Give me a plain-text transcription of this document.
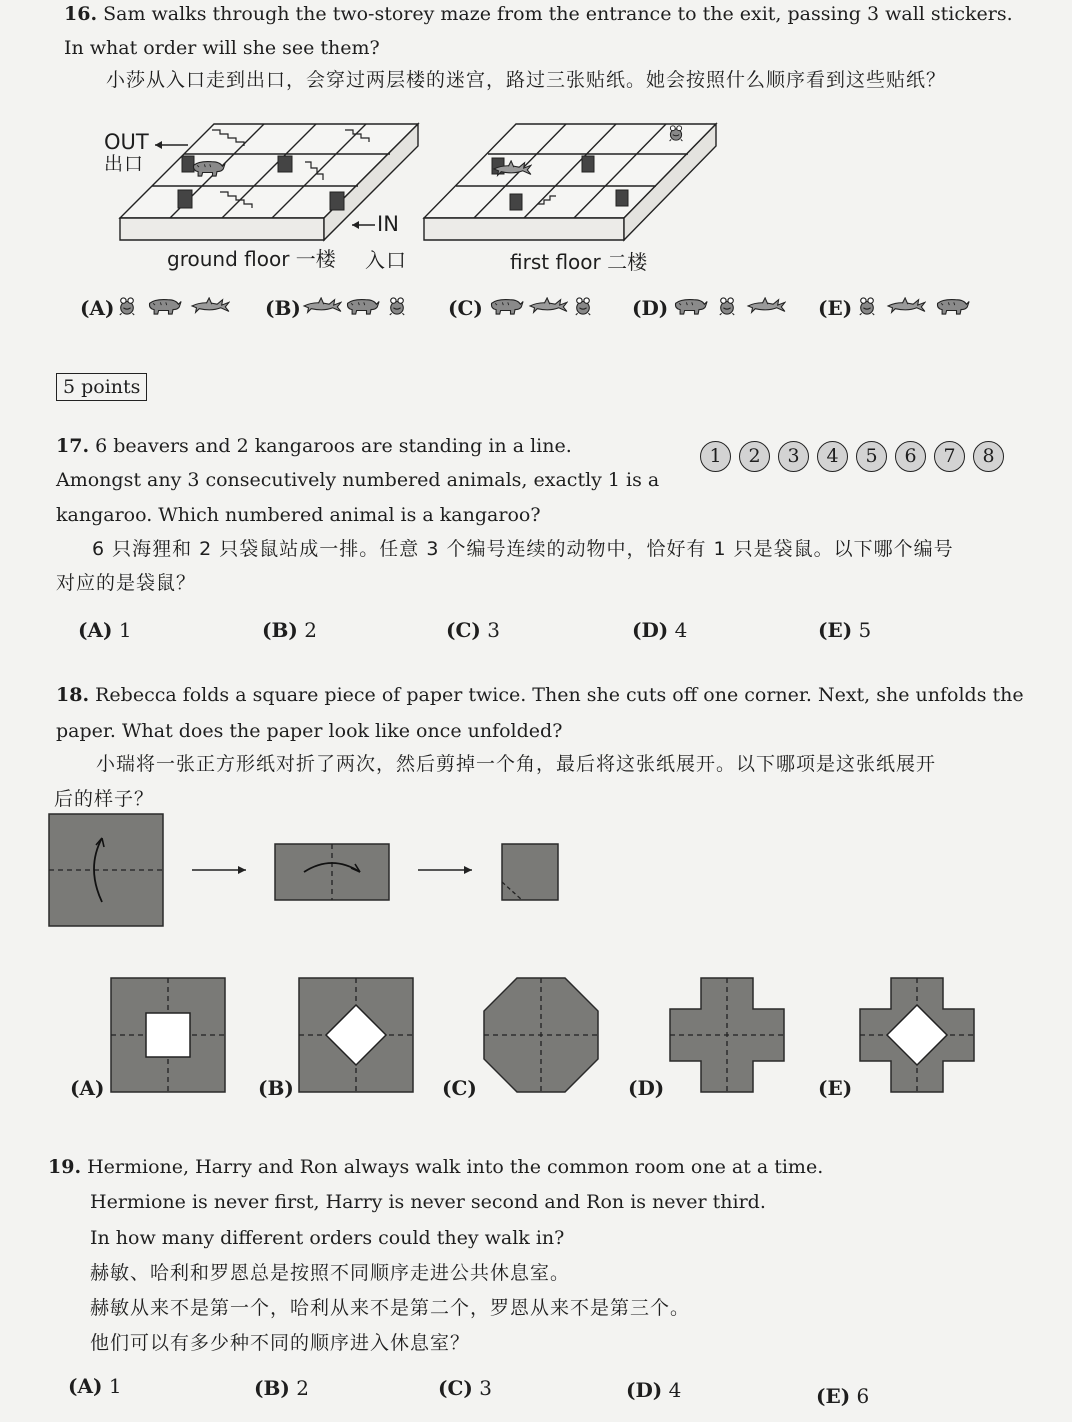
16. Sam walks through the two-storey maze from the entrance to the exit, passing 3 wall stickers.
In what order will she see them?
小莎从入口走到出口，会穿过两层楼的迷宫，路过三张贴纸。她会按照什么顺序看到这些贴纸？
OUT
出口
IN
ground floor 一楼 入口	first floor 二楼
(A)	(B)	(C)	(D)	(E)
5 points
17. 6 beavers and 2 kangaroos are standing in a line.
Amongst any 3 consecutively numbered animals, exactly 1 is a
kangaroo. Which numbered animal is a kangaroo?
6 只海狸和 2 只袋鼠站成一排。任意 3 个编号连续的动物中，恰好有 1 只是袋鼠。以下哪个编号
对应的是袋鼠？
1	2	3	4	5	6	7	8
(A) 1	(B) 2	(C) 3	(D) 4	(E) 5
18. Rebecca folds a square piece of paper twice. Then she cuts off one corner. Next, she unfolds the
paper. What does the paper look like once unfolded?
小瑞将一张正方形纸对折了两次，然后剪掉一个角，最后将这张纸展开。以下哪项是这张纸展开
后的样子？
(A)	(B)	(C)	(D)	(E)
19. Hermione, Harry and Ron always walk into the common room one at a time.
Hermione is never first, Harry is never second and Ron is never third.
In how many different orders could they walk in?
赫敏、哈利和罗恩总是按照不同顺序走进公共休息室。
赫敏从来不是第一个，哈利从来不是第二个，罗恩从来不是第三个。
他们可以有多少种不同的顺序进入休息室？
(A) 1	(B) 2	(C) 3	(D) 4	(E) 6
